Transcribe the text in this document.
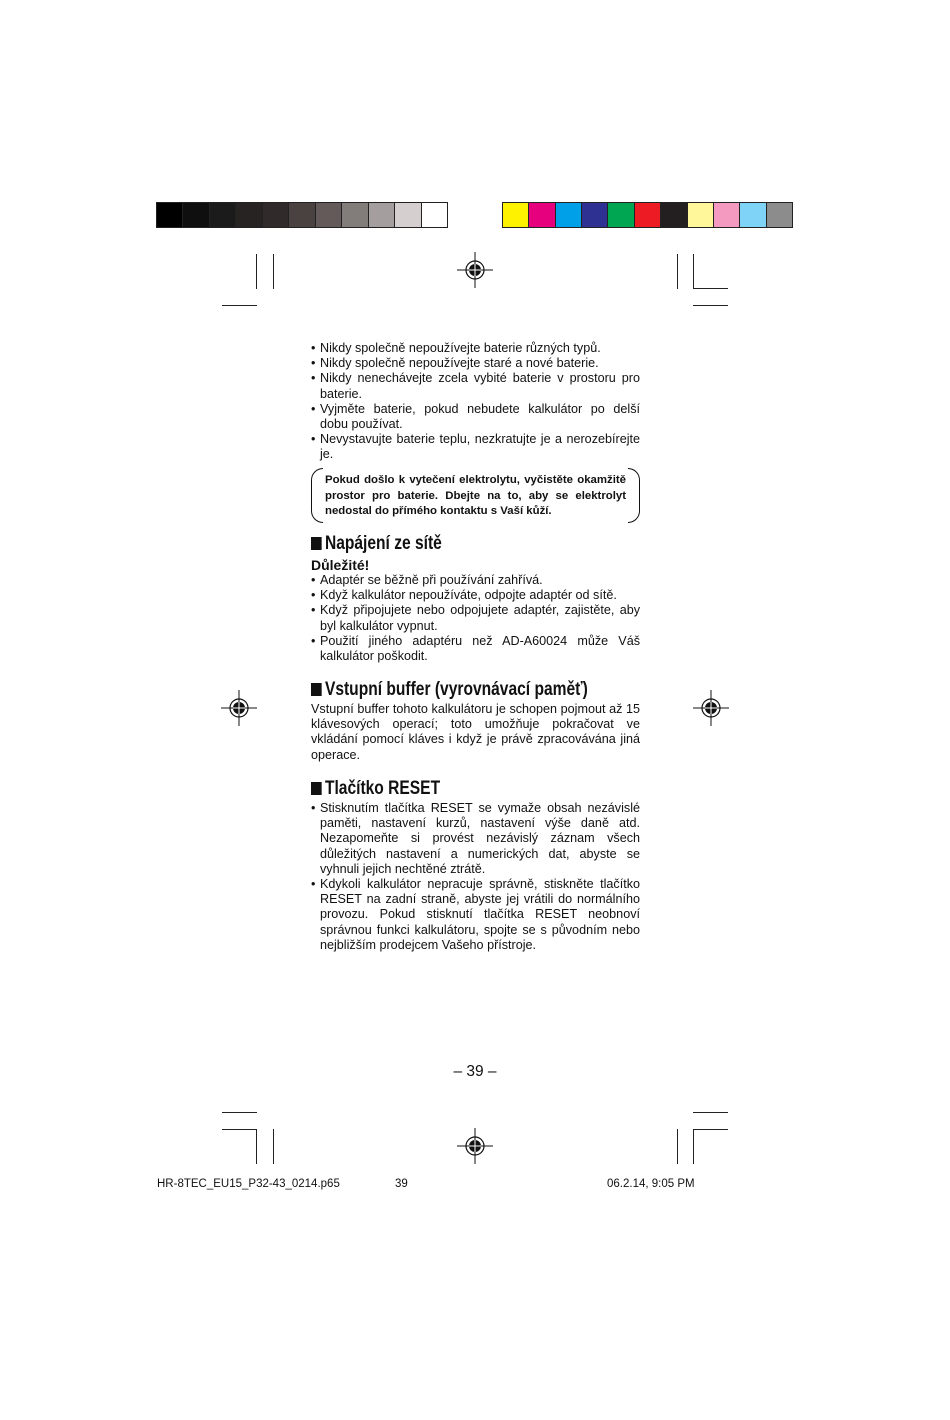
• Nikdy společně nepoužívejte baterie různých typů.
• Nikdy společně nepoužívejte staré a nové baterie.
• Nikdy nenechávejte zcela vybité baterie v prostoru pro baterie.
• Vyjměte baterie, pokud nebudete kalkulátor po delší dobu používat.
• Nevystavujte baterie teplu, nezkratujte je a nerozebírejte je.
Pokud došlo k vytečení elektrolytu, vyčistěte okamžitě prostor pro baterie. Dbejte na to, aby se elektrolyt nedostal do přímého kontaktu s Vaší kůží.
Napájení ze sítě
Důležité!
• Adaptér se běžně při používání zahřívá.
• Když kalkulátor nepoužíváte, odpojte adaptér od sítě.
• Když připojujete nebo odpojujete adaptér, zajistěte, aby byl kalkulátor vypnut.
• Použití jiného adaptéru než AD-A60024 může Váš kalkulátor poškodit.
Vstupní buffer (vyrovnávací paměť)
Vstupní buffer tohoto kalkulátoru je schopen pojmout až 15 klávesových operací; toto umožňuje pokračovat ve vkládání pomocí kláves i když je právě zpracovávána jiná operace.
Tlačítko RESET
• Stisknutím tlačítka RESET se vymaže obsah nezávislé paměti, nastavení kurzů, nastavení výše daně atd. Nezapomeňte si provést nezávislý záznam všech důležitých nastavení a numerických dat, abyste se vyhnuli jejich nechtěné ztrátě.
• Kdykoli kalkulátor nepracuje správně, stiskněte tlačítko RESET na zadní straně, abyste jej vrátili do normálního provozu. Pokud stisknutí tlačítka RESET neobnoví správnou funkci kalkulátoru, spojte se s původním nebo nejbližším prodejcem Vašeho přístroje.
– 39 –
HR-8TEC_EU15_P32-43_0214.p65	39	06.2.14, 9:05 PM
